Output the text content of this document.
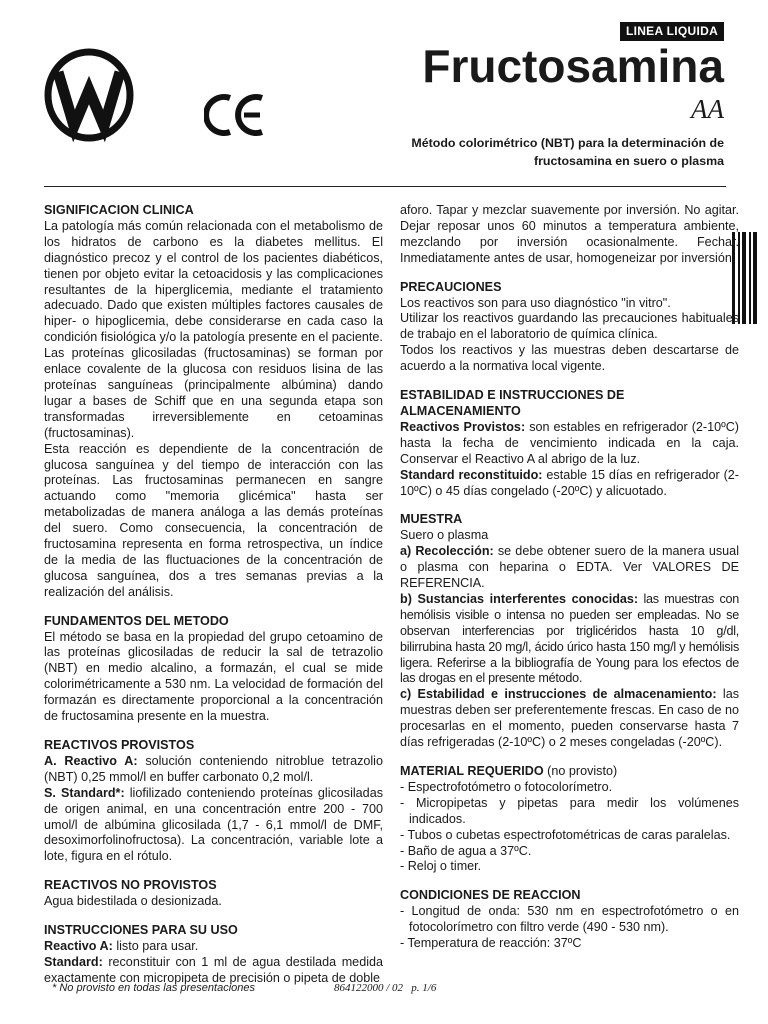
LINEA LIQUIDA
Fructosamina
AA
Método colorimétrico (NBT) para la determinación de fructosamina en suero o plasma
SIGNIFICACION CLINICA
La patología más común relacionada con el metabolismo de los hidratos de carbono es la diabetes mellitus. El diagnóstico precoz y el control de los pacientes diabéticos, tienen por objeto evitar la cetoacidosis y las complicaciones resultantes de la hiperglicemia, mediante el tratamiento adecuado. Dado que existen múltiples factores causales de hiper- o hipoglicemia, debe considerarse en cada caso la condición fisiológica y/o la patología presente en el paciente.
Las proteínas glicosiladas (fructosaminas) se forman por enlace covalente de la glucosa con residuos lisina de las proteínas sanguíneas (principalmente albúmina) dando lugar a bases de Schiff que en una segunda etapa son transformadas irreversiblemente en cetoaminas (fructosaminas).
Esta reacción es dependiente de la concentración de glucosa sanguínea y del tiempo de interacción con las proteínas. Las fructosaminas permanecen en sangre actuando como "memoria glicémica" hasta ser metabolizadas de manera análoga a las demás proteínas del suero. Como consecuencia, la concentración de fructosamina representa en forma retrospectiva, un índice de la media de las fluctuaciones de la concentración de glucosa sanguínea, dos a tres semanas previas a la realización del análisis.
FUNDAMENTOS DEL METODO
El método se basa en la propiedad del grupo cetoamino de las proteínas glicosiladas de reducir la sal de tetrazolio (NBT) en medio alcalino, a formazán, el cual se mide colorimétricamente a 530 nm. La velocidad de formación del formazán es directamente proporcional a la concentración de fructosamina presente en la muestra.
REACTIVOS PROVISTOS
A. Reactivo A: solución conteniendo nitroblue tetrazolio (NBT) 0,25 mmol/l en buffer carbonato 0,2 mol/l.
S. Standard*: liofilizado conteniendo proteínas glicosiladas de origen animal, en una concentración entre 200 - 700 umol/l de albúmina glicosilada (1,7 - 6,1 mmol/l de DMF, desoximorfolinofructosa). La concentración, variable lote a lote, figura en el rótulo.
REACTIVOS NO PROVISTOS
Agua bidestilada o desionizada.
INSTRUCCIONES PARA SU USO
Reactivo A: listo para usar.
Standard: reconstituir con 1 ml de agua destilada medida exactamente con micropipeta de precisión o pipeta de doble
aforo. Tapar y mezclar suavemente por inversión. No agitar. Dejar reposar unos 60 minutos a temperatura ambiente, mezclando por inversión ocasionalmente. Fechar. Inmediatamente antes de usar, homogeneizar por inversión.
PRECAUCIONES
Los reactivos son para uso diagnóstico "in vitro".
Utilizar los reactivos guardando las precauciones habituales de trabajo en el laboratorio de química clínica.
Todos los reactivos y las muestras deben descartarse de acuerdo a la normativa local vigente.
ESTABILIDAD E INSTRUCCIONES DE ALMACENAMIENTO
Reactivos Provistos: son estables en refrigerador (2-10ºC) hasta la fecha de vencimiento indicada en la caja. Conservar el Reactivo A al abrigo de la luz.
Standard reconstituido: estable 15 días en refrigerador (2-10ºC) o 45 días congelado (-20ºC) y alicuotado.
MUESTRA
Suero o plasma
a) Recolección: se debe obtener suero de la manera usual o plasma con heparina o EDTA. Ver VALORES DE REFERENCIA.
b) Sustancias interferentes conocidas: las muestras con hemólisis visible o intensa no pueden ser empleadas. No se observan interferencias por triglicéridos hasta 10 g/dl, bilirrubina hasta 20 mg/l, ácido úrico hasta 150 mg/l y hemólisis ligera. Referirse a la bibliografía de Young para los efectos de las drogas en el presente método.
c) Estabilidad e instrucciones de almacenamiento: las muestras deben ser preferentemente frescas. En caso de no procesarlas en el momento, pueden conservarse hasta 7 días refrigeradas (2-10ºC) o 2 meses congeladas (-20ºC).
MATERIAL REQUERIDO (no provisto)
- Espectrofotómetro o fotocolorímetro.
- Micropipetas y pipetas para medir los volúmenes indicados.
- Tubos o cubetas espectrofotométricas de caras paralelas.
- Baño de agua a 37ºC.
- Reloj o timer.
CONDICIONES DE REACCION
- Longitud de onda: 530 nm en espectrofotómetro o en fotocolorímetro con filtro verde (490 - 530 nm).
- Temperatura de reacción: 37ºC
* No provisto en todas las presentaciones	864122000 / 02   p. 1/6
